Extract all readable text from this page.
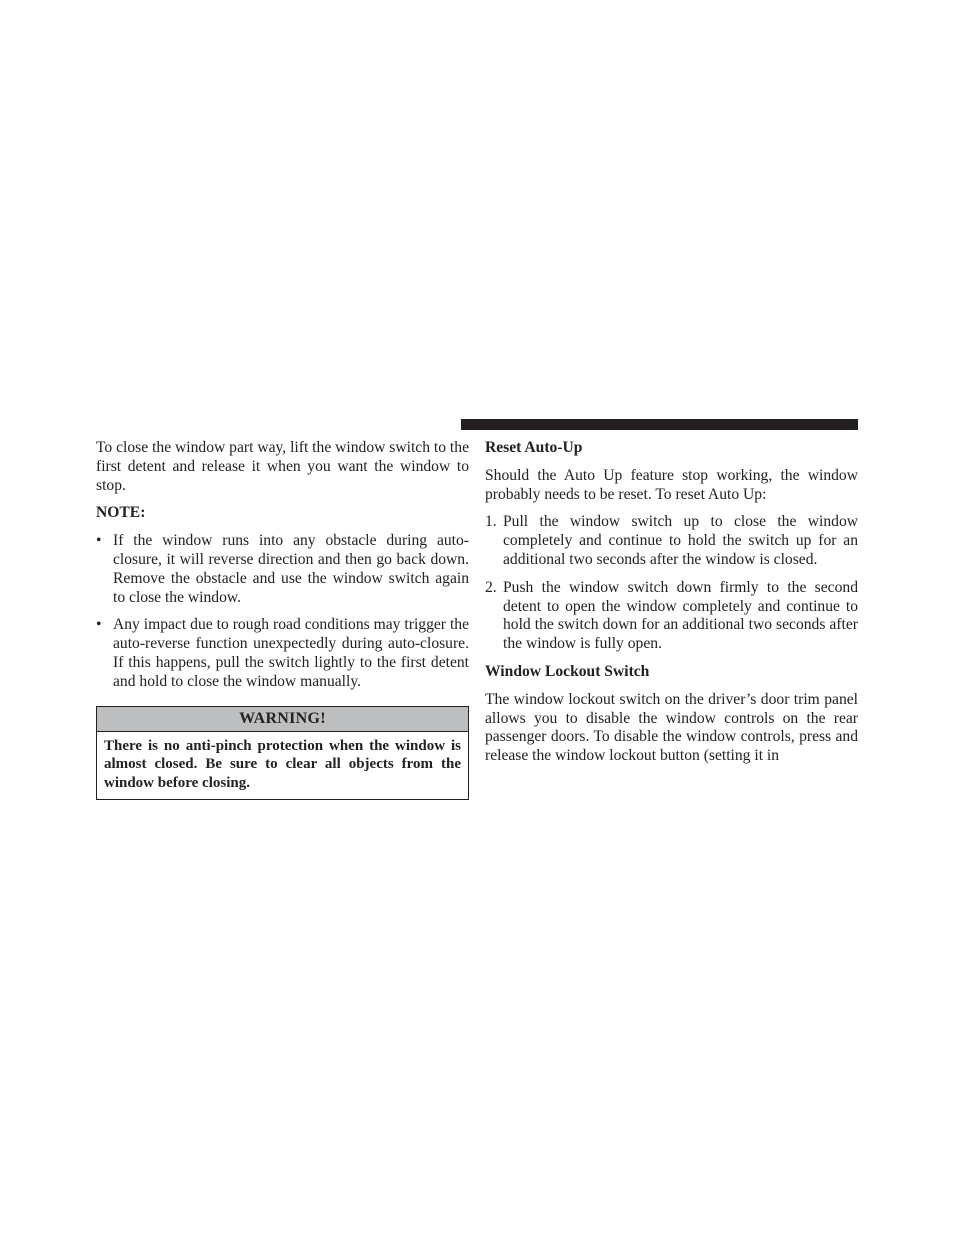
To close the window part way, lift the window switch to the first detent and release it when you want the window to stop.

NOTE:
• If the window runs into any obstacle during auto-closure, it will reverse direction and then go back down. Remove the obstacle and use the window switch again to close the window.
• Any impact due to rough road conditions may trigger the auto-reverse function unexpectedly during auto-closure. If this happens, pull the switch lightly to the first detent and hold to close the window manually.
WARNING!
There is no anti-pinch protection when the window is almost closed. Be sure to clear all objects from the window before closing.
Reset Auto-Up

Should the Auto Up feature stop working, the window probably needs to be reset. To reset Auto Up:

1. Pull the window switch up to close the window completely and continue to hold the switch up for an additional two seconds after the window is closed.
2. Push the window switch down firmly to the second detent to open the window completely and continue to hold the switch down for an additional two seconds after the window is fully open.
Window Lockout Switch

The window lockout switch on the driver’s door trim panel allows you to disable the window controls on the rear passenger doors. To disable the window controls, press and release the window lockout button (setting it in
